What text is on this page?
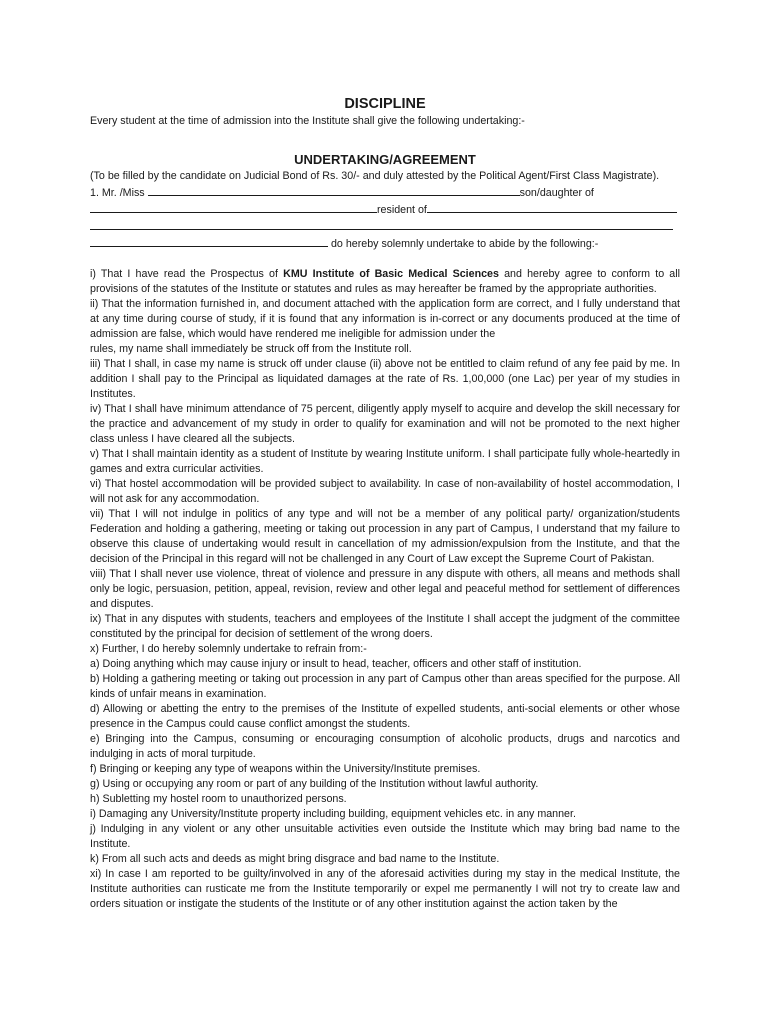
DISCIPLINE
Every student at the time of admission into the Institute shall give the following undertaking:-
UNDERTAKING/AGREEMENT
(To be filled by the candidate on Judicial Bond of Rs. 30/- and duly attested by the Political Agent/First Class Magistrate).
1. Mr. /Miss	son/daughter of
resident of
do hereby solemnly undertake to abide by the following:-

i) That I have read the Prospectus of KMU Institute of Basic Medical Sciences and hereby agree to conform to all provisions of the statutes of the Institute or statutes and rules as may hereafter be framed by the appropriate authorities.

ii) That the information furnished in, and document attached with the application form are correct, and I fully understand that at any time during course of study, if it is found that any information is in-correct or any documents produced at the time of admission are false, which would have rendered me ineligible for admission under the

rules, my name shall immediately be struck off from the Institute roll.

iii) That I shall, in case my name is struck off under clause (ii) above not be entitled to claim refund of any fee paid by me. In addition I shall pay to the Principal as liquidated damages at the rate of Rs. 1,00,000 (one Lac) per year of my studies in Institutes.

iv) That I shall have minimum attendance of 75 percent, diligently apply myself to acquire and develop the skill necessary for the practice and advancement of my study in order to qualify for examination and will not be promoted to the next higher class unless I have cleared all the subjects.

v) That I shall maintain identity as a student of Institute by wearing Institute uniform. I shall participate fully whole-heartedly in games and extra curricular activities.

vi) That hostel accommodation will be provided subject to availability. In case of non-availability of hostel accommodation, I will not ask for any accommodation.

vii) That I will not indulge in politics of any type and will not be a member of any political party/ organization/students Federation and holding a gathering, meeting or taking out procession in any part of Campus, I understand that my failure to observe this clause of undertaking would result in cancellation of my admission/expulsion from the Institute, and that the decision of the Principal in this regard will not be challenged in any Court of Law except the Supreme Court of Pakistan.

viii) That I shall never use violence, threat of violence and pressure in any dispute with others, all means and methods shall only be logic, persuasion, petition, appeal, revision, review and other legal and peaceful method for settlement of differences and disputes.

ix) That in any disputes with students, teachers and employees of the Institute I shall accept the judgment of the committee constituted by the principal for decision of settlement of the wrong doers.

x) Further, I do hereby solemnly undertake to refrain from:-

a) Doing anything which may cause injury or insult to head, teacher, officers and other staff of institution.

b) Holding a gathering meeting or taking out procession in any part of Campus other than areas specified for the purpose. All kinds of unfair means in examination.

d) Allowing or abetting the entry to the premises of the Institute of expelled students, anti-social elements or other whose presence in the Campus could cause conflict amongst the students.

e) Bringing into the Campus, consuming or encouraging consumption of alcoholic products, drugs and narcotics and indulging in acts of moral turpitude.

f) Bringing or keeping any type of weapons within the University/Institute premises.

g) Using or occupying any room or part of any building of the Institution without lawful authority.

h) Subletting my hostel room to unauthorized persons.

i) Damaging any University/Institute property including building, equipment vehicles etc. in any manner.

j) Indulging in any violent or any other unsuitable activities even outside the Institute which may bring bad name to the Institute.

k) From all such acts and deeds as might bring disgrace and bad name to the Institute.

xi) In case I am reported to be guilty/involved in any of the aforesaid activities during my stay in the medical Institute, the Institute authorities can rusticate me from the Institute temporarily or expel me permanently I will not try to create law and orders situation or instigate the students of the Institute or of any other institution against the action taken by the
